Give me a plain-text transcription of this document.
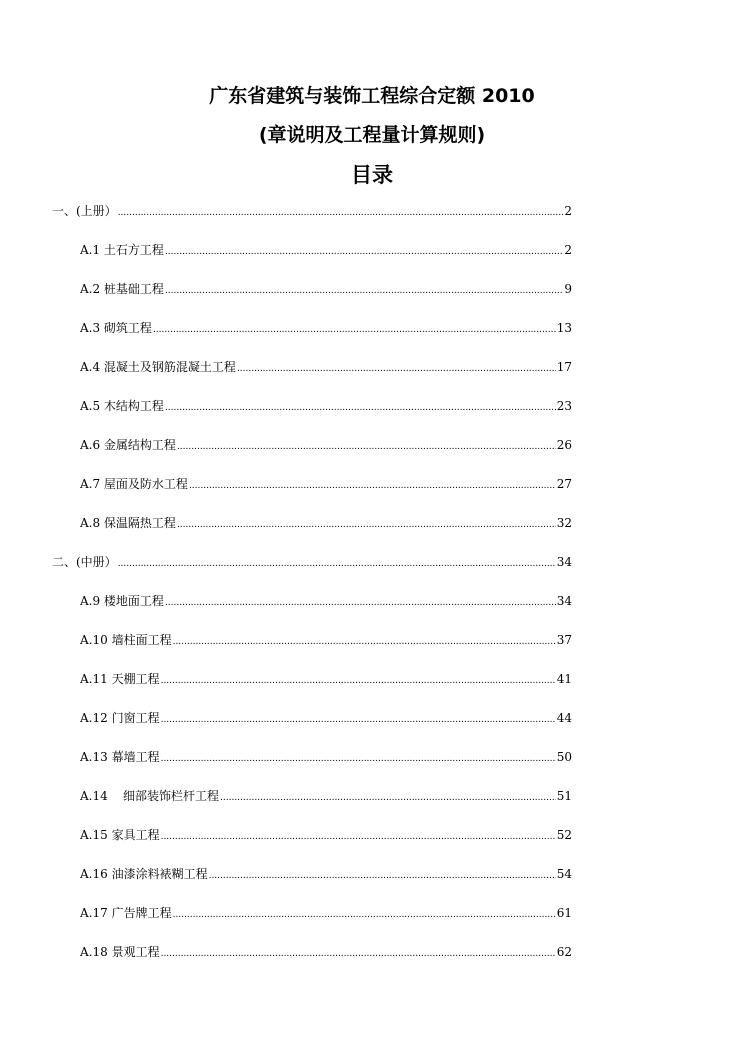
广东省建筑与装饰工程综合定额 2010
(章说明及工程量计算规则)
目录
一、(上册） .....	2
A.1 土石方工程 .....	2
A.2 桩基础工程 .....	9
A.3 砌筑工程 .....	13
A.4 混凝土及钢筋混凝土工程 .....	17
A.5 木结构工程 .....	23
A.6 金属结构工程 .....	26
A.7 屋面及防水工程 .....	27
A.8 保温隔热工程 .....	32
二、(中册） .....	34
A.9 楼地面工程 .....	34
A.10 墙柱面工程 .....	37
A.11 天棚工程 .....	41
A.12 门窗工程 .....	44
A.13 幕墙工程 .....	50
A.14    细部装饰栏杆工程 .....	51
A.15 家具工程 .....	52
A.16 油漆涂料裱糊工程 .....	54
A.17 广告牌工程 .....	61
A.18 景观工程 .....	62
